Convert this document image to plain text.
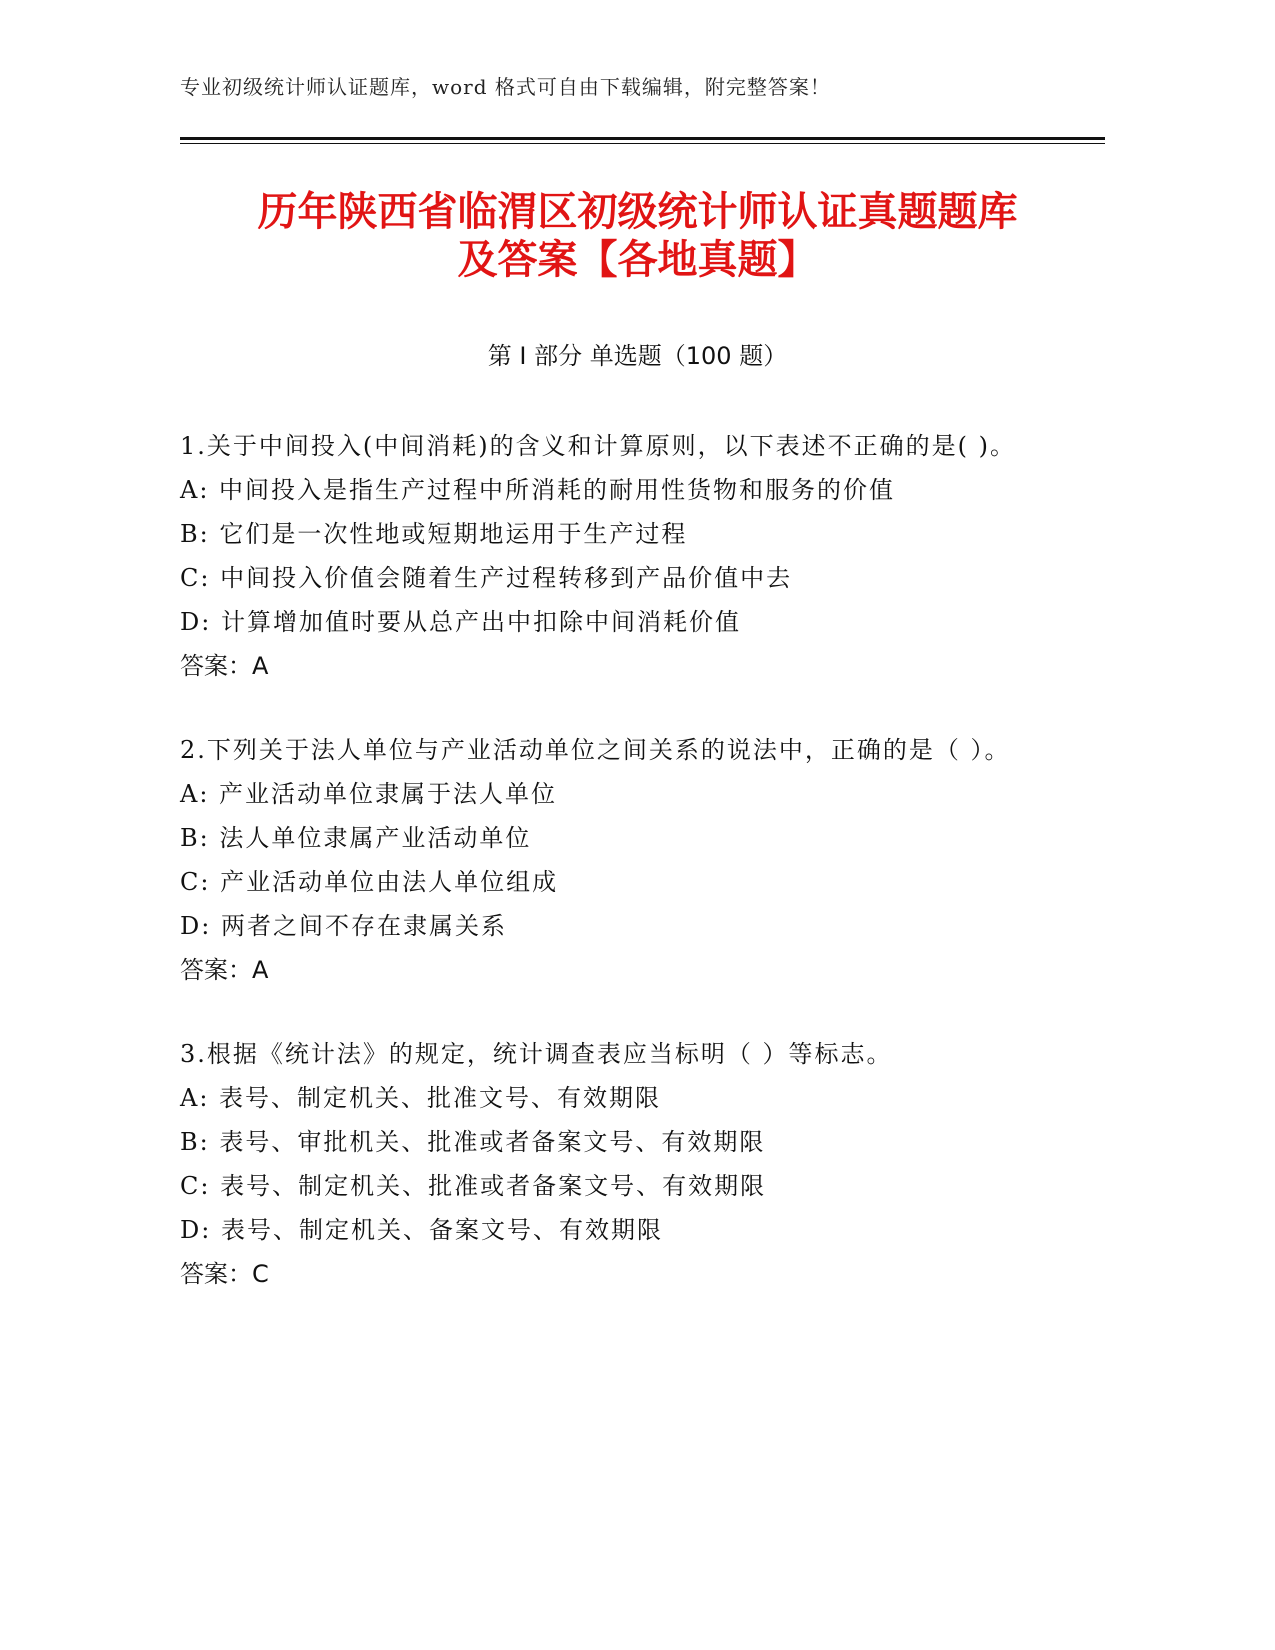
专业初级统计师认证题库，word 格式可自由下载编辑，附完整答案！
历年陕西省临渭区初级统计师认证真题题库
及答案【各地真题】
第 I 部分 单选题（100 题）

1.关于中间投入(中间消耗)的含义和计算原则，以下表述不正确的是( )。

A: 中间投入是指生产过程中所消耗的耐用性货物和服务的价值

B: 它们是一次性地或短期地运用于生产过程

C: 中间投入价值会随着生产过程转移到产品价值中去

D: 计算增加值时要从总产出中扣除中间消耗价值

答案：A

2.下列关于法人单位与产业活动单位之间关系的说法中，正确的是（ ）。

A: 产业活动单位隶属于法人单位

B: 法人单位隶属产业活动单位

C: 产业活动单位由法人单位组成

D: 两者之间不存在隶属关系

答案：A

3.根据《统计法》的规定，统计调查表应当标明（ ）等标志。

A: 表号、制定机关、批准文号、有效期限

B: 表号、审批机关、批准或者备案文号、有效期限

C: 表号、制定机关、批准或者备案文号、有效期限

D: 表号、制定机关、备案文号、有效期限

答案：C
